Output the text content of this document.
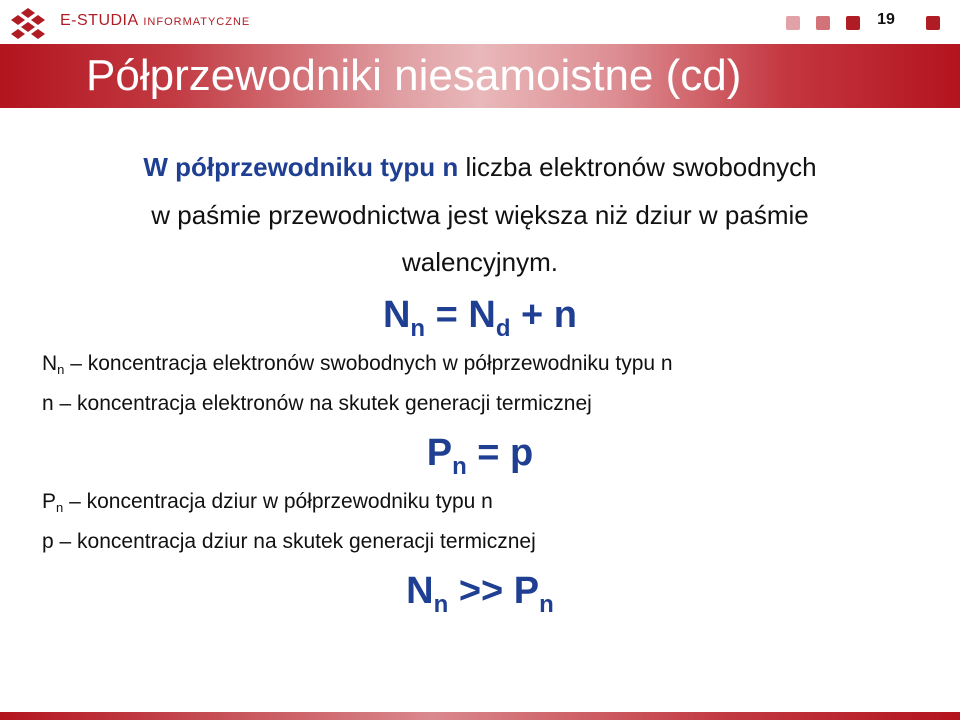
E-STUDIA INFORMATYCZNE	19
Półprzewodniki niesamoistne (cd)
W półprzewodniku typu n liczba elektronów swobodnych
w paśmie przewodnictwa jest większa niż dziur w paśmie
walencyjnym.
$N_n = N_d + n$
$N_n$ – koncentracja elektronów swobodnych w półprzewodniku typu n
n – koncentracja elektronów na skutek generacji termicznej
$P_n = p$
$P_n$ – koncentracja dziur w półprzewodniku typu n
p – koncentracja dziur na skutek generacji termicznej
$N_n >> P_n$
